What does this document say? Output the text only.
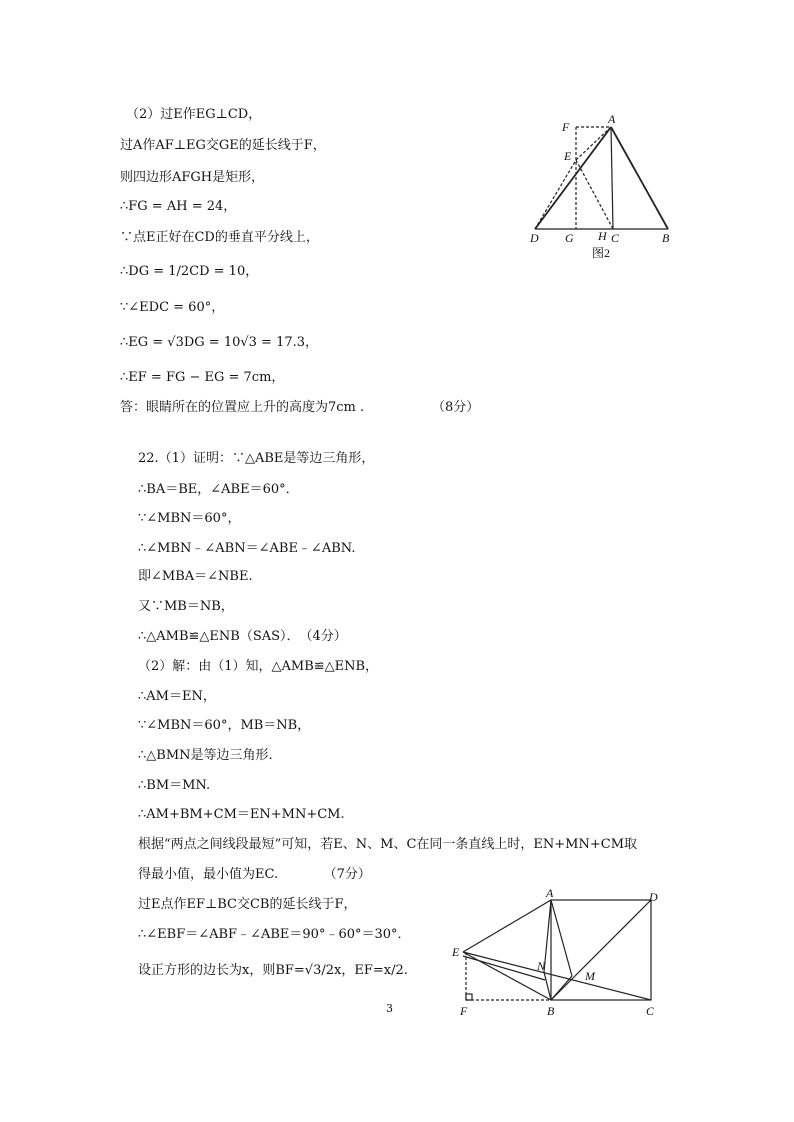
（2）过E作EG⊥CD，
过A作AF⊥EG交GE的延长线于F，
则四边形AFGH是矩形，
∴FG = AH = 24，
∵点E正好在CD的垂直平分线上，
∴DG = 1/2CD = 10，
∵∠EDC = 60°，
∴EG = √3DG = 10√3 = 17.3，
∴EF = FG − EG = 7cm，
答：眼睛所在的位置应上升的高度为7cm .	（8分）
F
A
E
D G H C	B
图2
22.（1）证明：∵△ABE是等边三角形，
∴BA＝BE，∠ABE＝60°．
∵∠MBN＝60°，
∴∠MBN﹣∠ABN＝∠ABE﹣∠ABN.
即∠MBA＝∠NBE.
又∵MB＝NB，
∴△AMB≌△ENB（SAS）．　（4分）
（2）解：由（1）知，△AMB≌△ENB，
∴AM＝EN，
∵∠MBN＝60°，MB＝NB，
∴△BMN是等边三角形.
∴BM＝MN.
∴AM+BM+CM＝EN+MN+CM.
根据“两点之间线段最短”可知，若E、N、M、C在同一条直线上时，EN+MN+CM取
得最小值，最小值为EC.　　　　（7分）
过E点作EF⊥BC交CB的延长线于F，
∴∠EBF＝∠ABF﹣∠ABE＝90°﹣60°＝30°．
设正方形的边长为x，则BF=√3/2x，EF=x/2.
A	D
E
N
M
F	B	C
3
